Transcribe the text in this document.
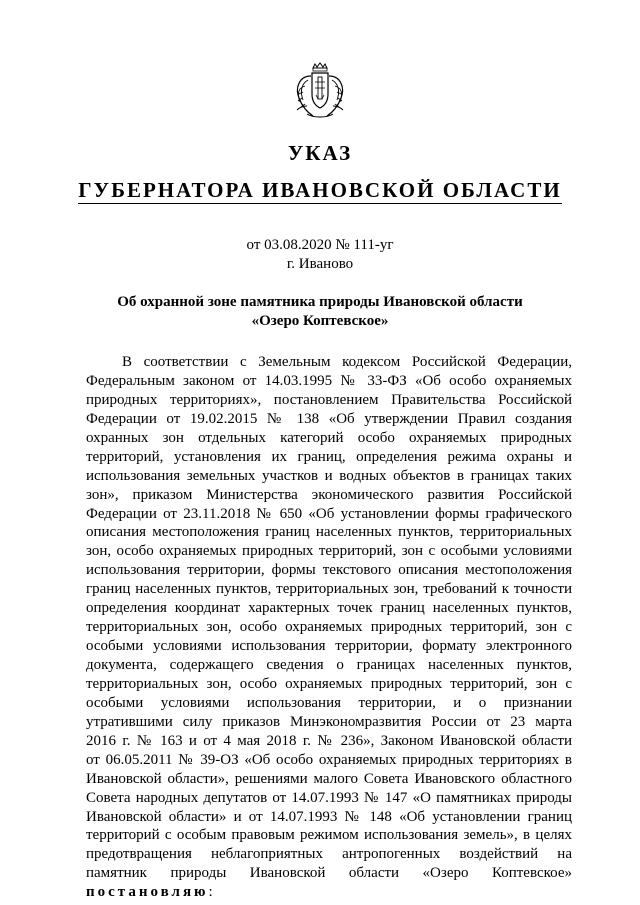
УКАЗ
ГУБЕРНАТОРА ИВАНОВСКОЙ ОБЛАСТИ
от 03.08.2020 № 111-уг
г. Иваново
Об охранной зоне памятника природы Ивановской области
«Озеро Коптевское»
В соответствии с Земельным кодексом Российской Федерации,
Федеральным законом от 14.03.1995 № 33-ФЗ «Об особо охраняемых
природных территориях», постановлением Правительства Российской
Федерации от 19.02.2015 № 138 «Об утверждении Правил создания
охранных зон отдельных категорий особо охраняемых природных
территорий, установления их границ, определения режима охраны и
использования земельных участков и водных объектов в границах таких
зон», приказом Министерства экономического развития Российской
Федерации от 23.11.2018 № 650 «Об установлении формы графического
описания местоположения границ населенных пунктов, территориальных
зон, особо охраняемых природных территорий, зон с особыми условиями
использования территории, формы текстового описания местоположения
границ населенных пунктов, территориальных зон, требований к точности
определения координат характерных точек границ населенных пунктов,
территориальных зон, особо охраняемых природных территорий, зон с
особыми условиями использования территории, формату электронного
документа, содержащего сведения о границах населенных пунктов,
территориальных зон, особо охраняемых природных территорий, зон с
особыми условиями использования территории, и о признании
утратившими силу приказов Минэкономразвития России от 23 марта
2016 г. № 163 и от 4 мая 2018 г. № 236», Законом Ивановской области
от 06.05.2011 № 39-ОЗ «Об особо охраняемых природных территориях в
Ивановской области», решениями малого Совета Ивановского областного
Совета народных депутатов от 14.07.1993 № 147 «О памятниках природы
Ивановской области» и от 14.07.1993 № 148 «Об установлении границ
территорий с особым правовым режимом использования земель», в целях
предотвращения неблагоприятных антропогенных воздействий на
памятник природы Ивановской области «Озеро Коптевское»
постановляю:
